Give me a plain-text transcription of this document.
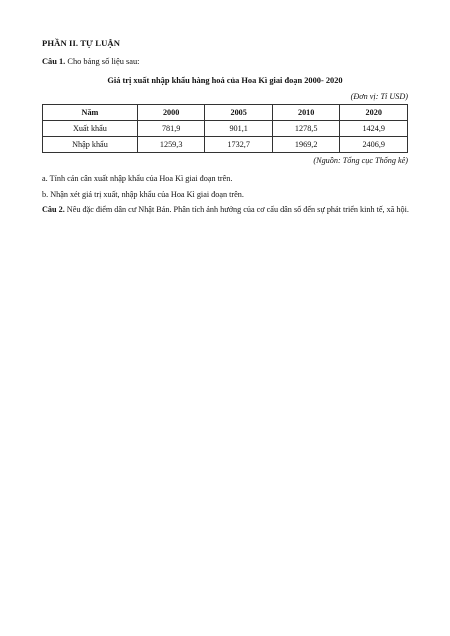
PHẦN II. TỰ LUẬN
Câu 1. Cho bảng số liệu sau:
Giá trị xuất nhập khẩu hàng hoá của Hoa Kì giai đoạn 2000- 2020
(Đơn vị: Tỉ USD)
Năm	2000	2005	2010	2020
Xuất khẩu	781,9	901,1	1278,5	1424,9
Nhập khẩu	1259,3	1732,7	1969,2	2406,9
(Nguồn: Tổng cục Thống kê)
a. Tính cán cân xuất nhập khẩu của Hoa Kì giai đoạn trên.
b. Nhận xét giá trị xuất, nhập khẩu của Hoa Kì giai đoạn trên.
Câu 2. Nêu đặc điểm dân cư Nhật Bản. Phân tích ảnh hưởng của cơ cấu dân số đến sự phát triển kinh tế, xã hội.
